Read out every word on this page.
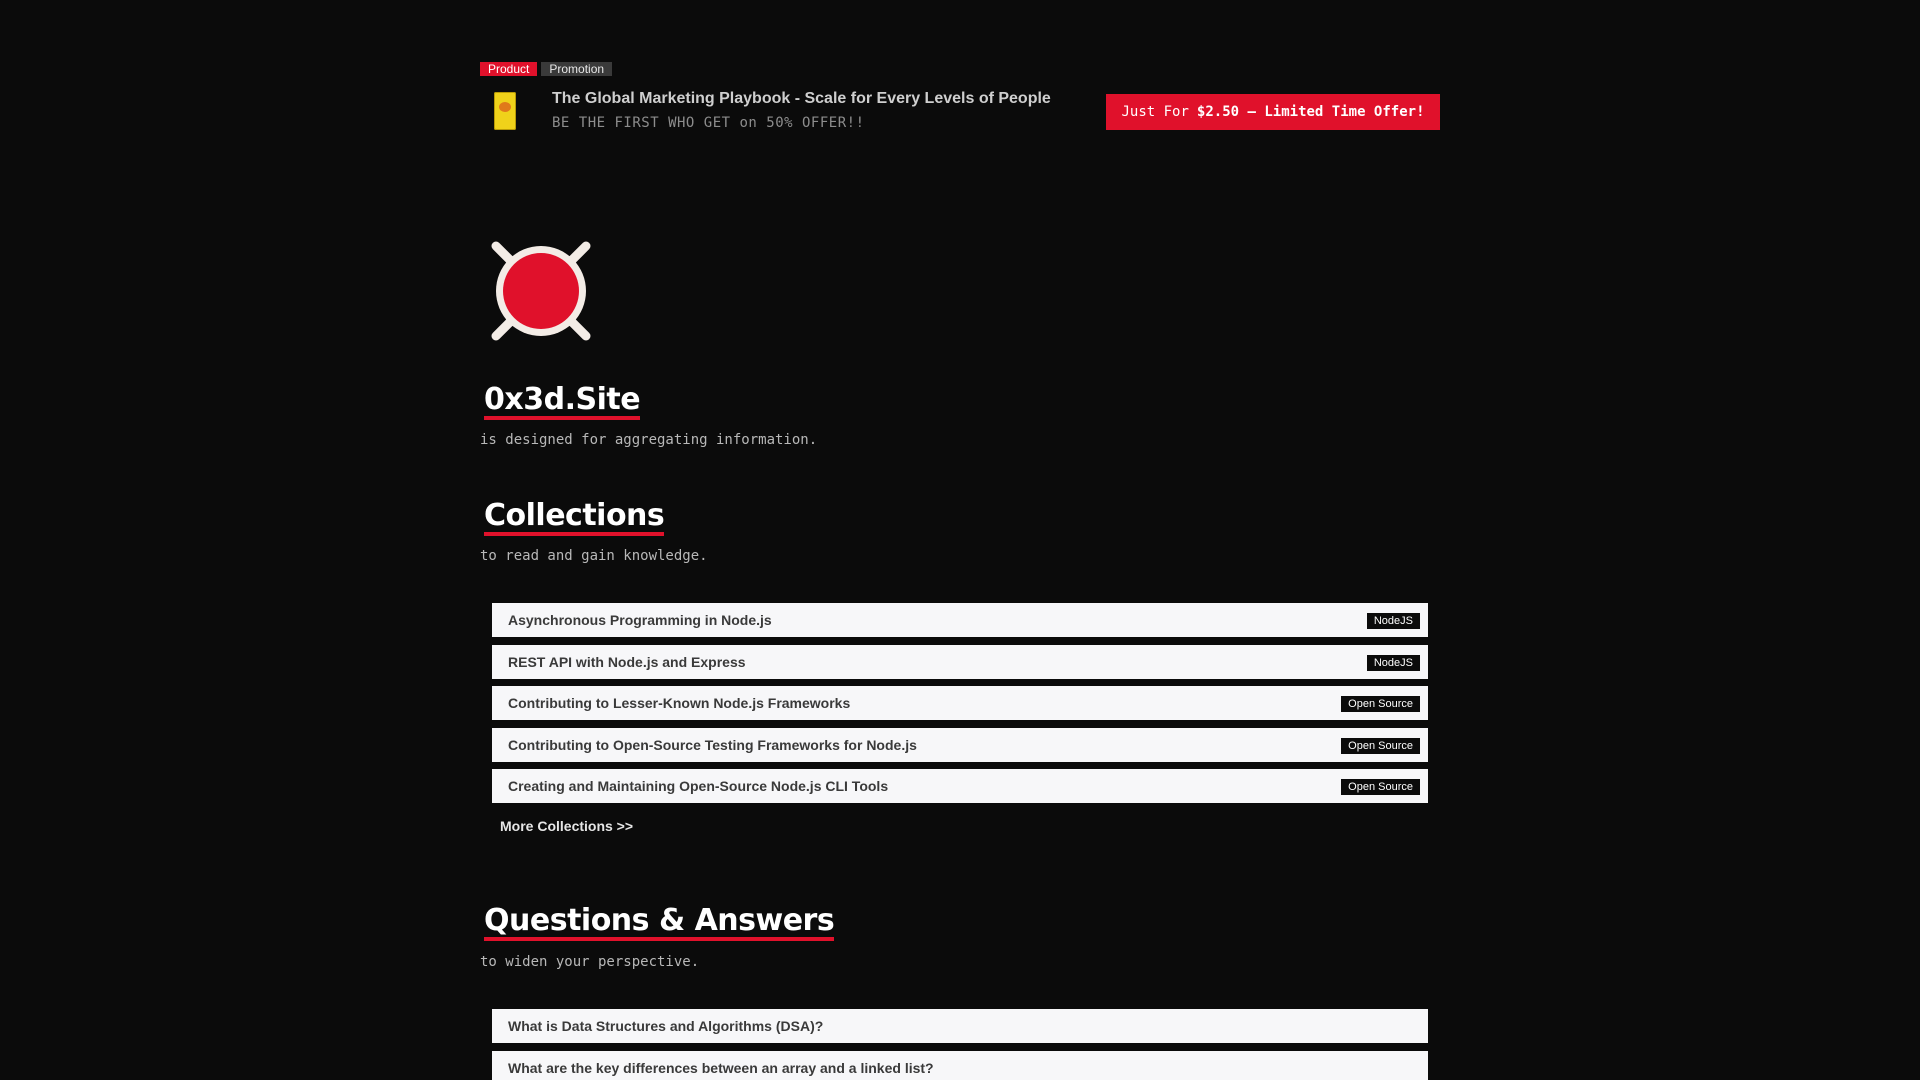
Product	Promotion
The Global Marketing Playbook - Scale for Every Levels of People
BE THE FIRST WHO GET on 50% OFFER!!
Just For $2.50 — Limited Time Offer!
0x3d.Site
is designed for aggregating information.
Collections
to read and gain knowledge.
Asynchronous Programming in Node.js	NodeJS
REST API with Node.js and Express	NodeJS
Contributing to Lesser-Known Node.js Frameworks	Open Source
Contributing to Open-Source Testing Frameworks for Node.js	Open Source
Creating and Maintaining Open-Source Node.js CLI Tools	Open Source
More Collections >>
Questions & Answers
to widen your perspective.
What is Data Structures and Algorithms (DSA)?
What are the key differences between an array and a linked list?
